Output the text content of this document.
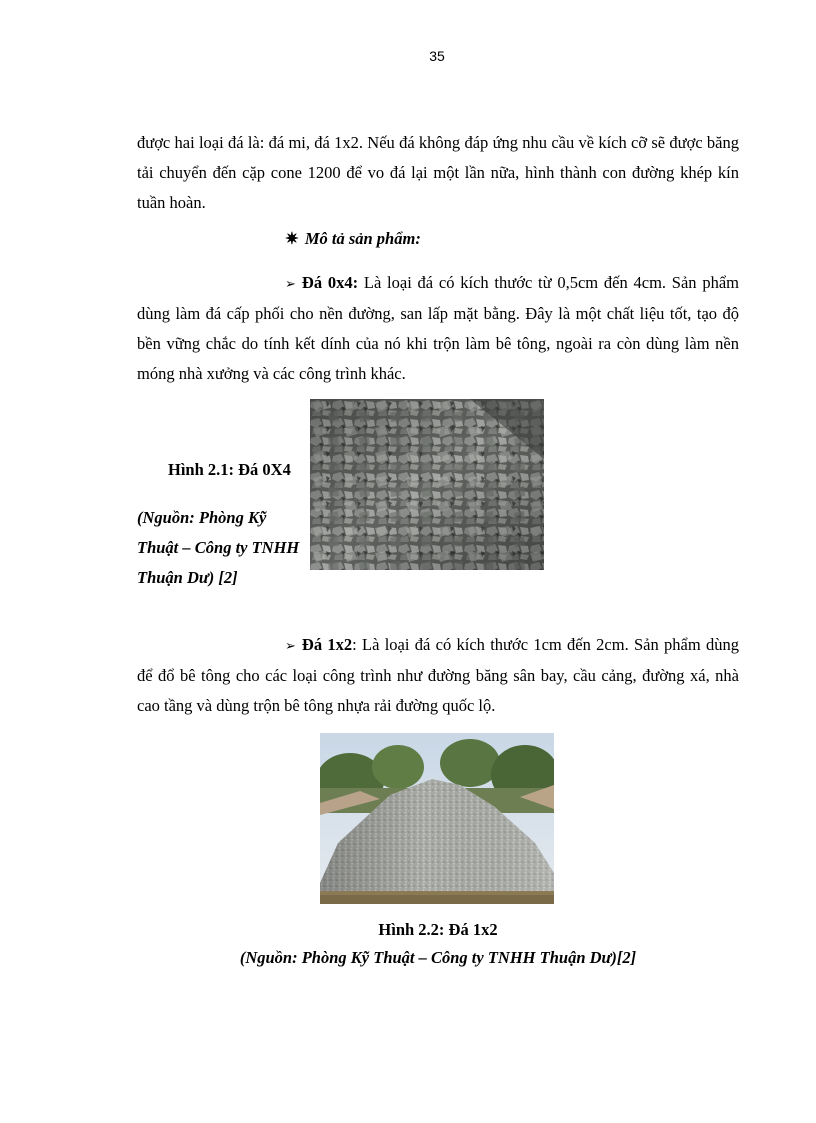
35
được hai loại đá là: đá mi, đá 1x2. Nếu đá không đáp ứng nhu cầu về kích cỡ sẽ được băng tải chuyển đến cặp cone 1200 để vo đá lại một lần nữa, hình thành con đường khép kín tuần hoàn.
✷ Mô tả sản phẩm:
➢ Đá 0x4: Là loại đá có kích thước từ 0,5cm đến 4cm. Sản phẩm dùng làm đá cấp phối cho nền đường, san lấp mặt bằng. Đây là một chất liệu tốt, tạo độ bền vững chắc do tính kết dính của nó khi trộn làm bê tông, ngoài ra còn dùng làm nền móng nhà xưởng và các công trình khác.
Hình 2.1: Đá 0X4
(Nguồn: Phòng Kỹ Thuật – Công ty TNHH Thuận Dư) [2]
➢ Đá 1x2: Là loại đá có kích thước 1cm đến 2cm. Sản phẩm dùng để đổ bê tông cho các loại công trình như đường băng sân bay, cầu cảng, đường xá, nhà cao tầng và dùng trộn bê tông nhựa rải đường quốc lộ.
Hình 2.2: Đá 1x2
(Nguồn: Phòng Kỹ Thuật – Công ty TNHH Thuận Dư)[2]
